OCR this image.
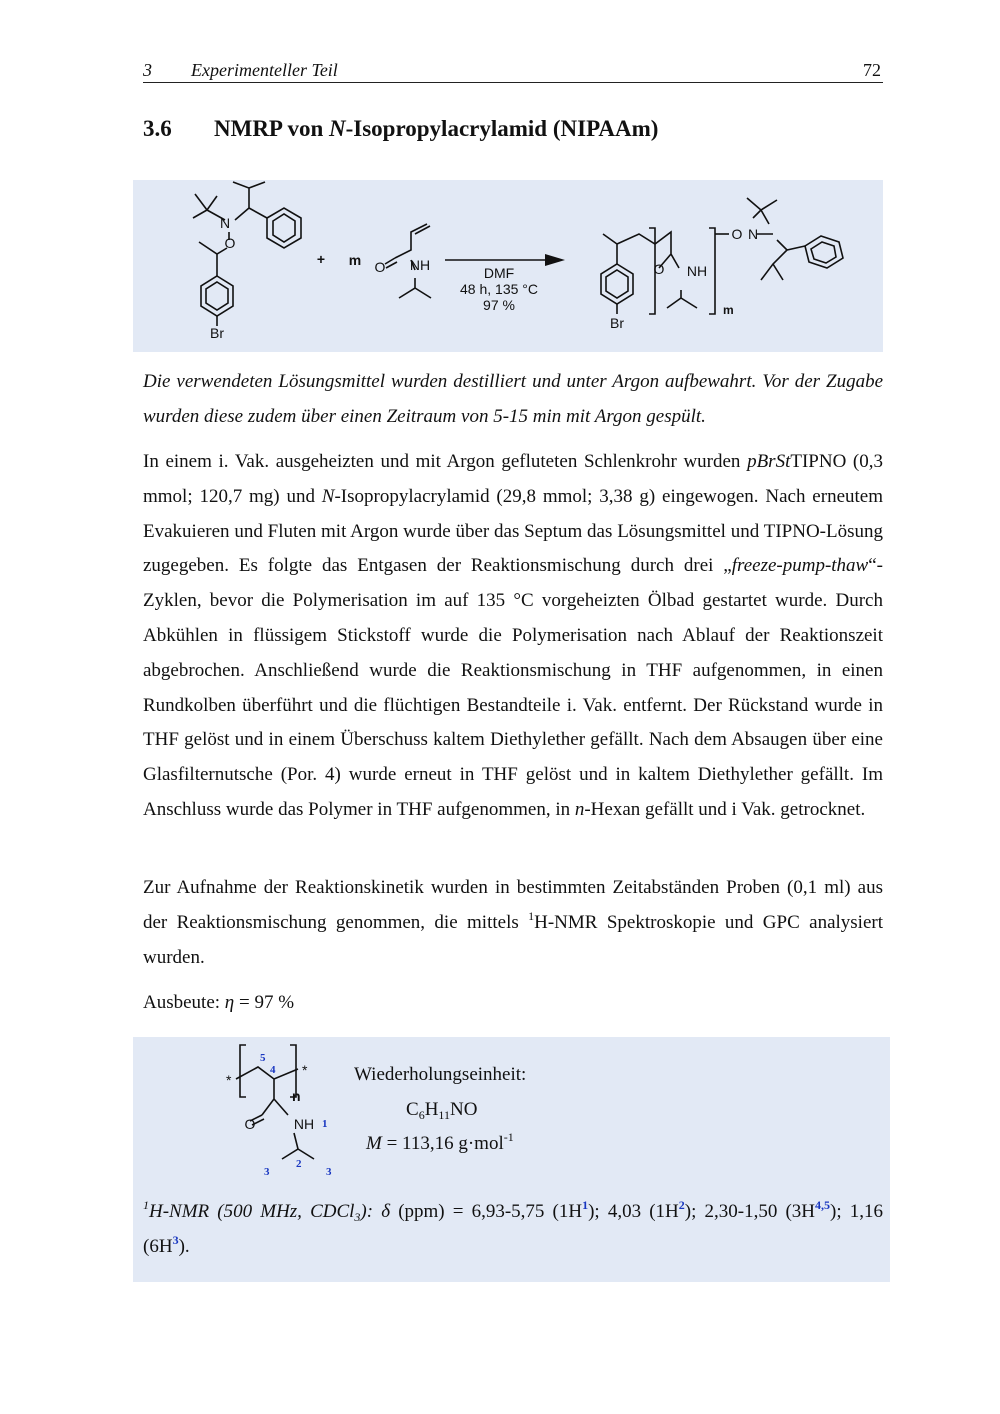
3 Experimenteller Teil	72
3.6 NMRP von N-Isopropylacrylamid (NIPAAm)
N
O
Br
+ m O NH	DMF
48 h, 135 °C
97 %
Br
O NH
m
O N

Die verwendeten Lösungsmittel wurden destilliert und unter Argon aufbewahrt. Vor der Zugabe wurden diese zudem über einen Zeitraum von 5-15 min mit Argon gespült.

In einem i. Vak. ausgeheizten und mit Argon gefluteten Schlenkrohr wurden pBrStTIPNO (0,3 mmol; 120,7 mg) und N-Isopropylacrylamid (29,8 mmol; 3,38 g) eingewogen. Nach erneutem Evakuieren und Fluten mit Argon wurde über das Septum das Lösungsmittel und TIPNO-Lösung zugegeben. Es folgte das Entgasen der Reaktionsmischung durch drei „freeze-pump-thaw“-Zyklen, bevor die Polymerisation im auf 135 °C vorgeheizten Ölbad gestartet wurde. Durch Abkühlen in flüssigem Stickstoff wurde die Polymerisation nach Ablauf der Reaktionszeit abgebrochen. Anschließend wurde die Reaktionsmischung in THF aufgenommen, in einen Rundkolben überführt und die flüchtigen Bestandteile i. Vak. entfernt. Der Rückstand wurde in THF gelöst und in einem Überschuss kaltem Diethylether gefällt. Nach dem Absaugen über eine Glasfilternutsche (Por. 4) wurde erneut in THF gelöst und in kaltem Diethylether gefällt. Im Anschluss wurde das Polymer in THF aufgenommen, in n-Hexan gefällt und i Vak. getrocknet.

Zur Aufnahme der Reaktionskinetik wurden in bestimmten Zeitabständen Proben (0,1 ml) aus der Reaktionsmischung genommen, die mittels $^1$H-NMR Spektroskopie und GPC analysiert wurden.

Ausbeute: η = 97 %

*
*
n
O	NH
5
4
1
2
3	3
Wiederholungseinheit:
$C_6H_{11}NO$
M = 113,16 g·mol$^{-1}$

$^1$H-NMR (500 MHz, CDCl$_3$): δ (ppm) = 6,93-5,75 $(1H^1)$; 4,03 $(1H^2)$; 2,30-1,50 $(3H^{4,5})$; 1,16 $(6H^3)$.
